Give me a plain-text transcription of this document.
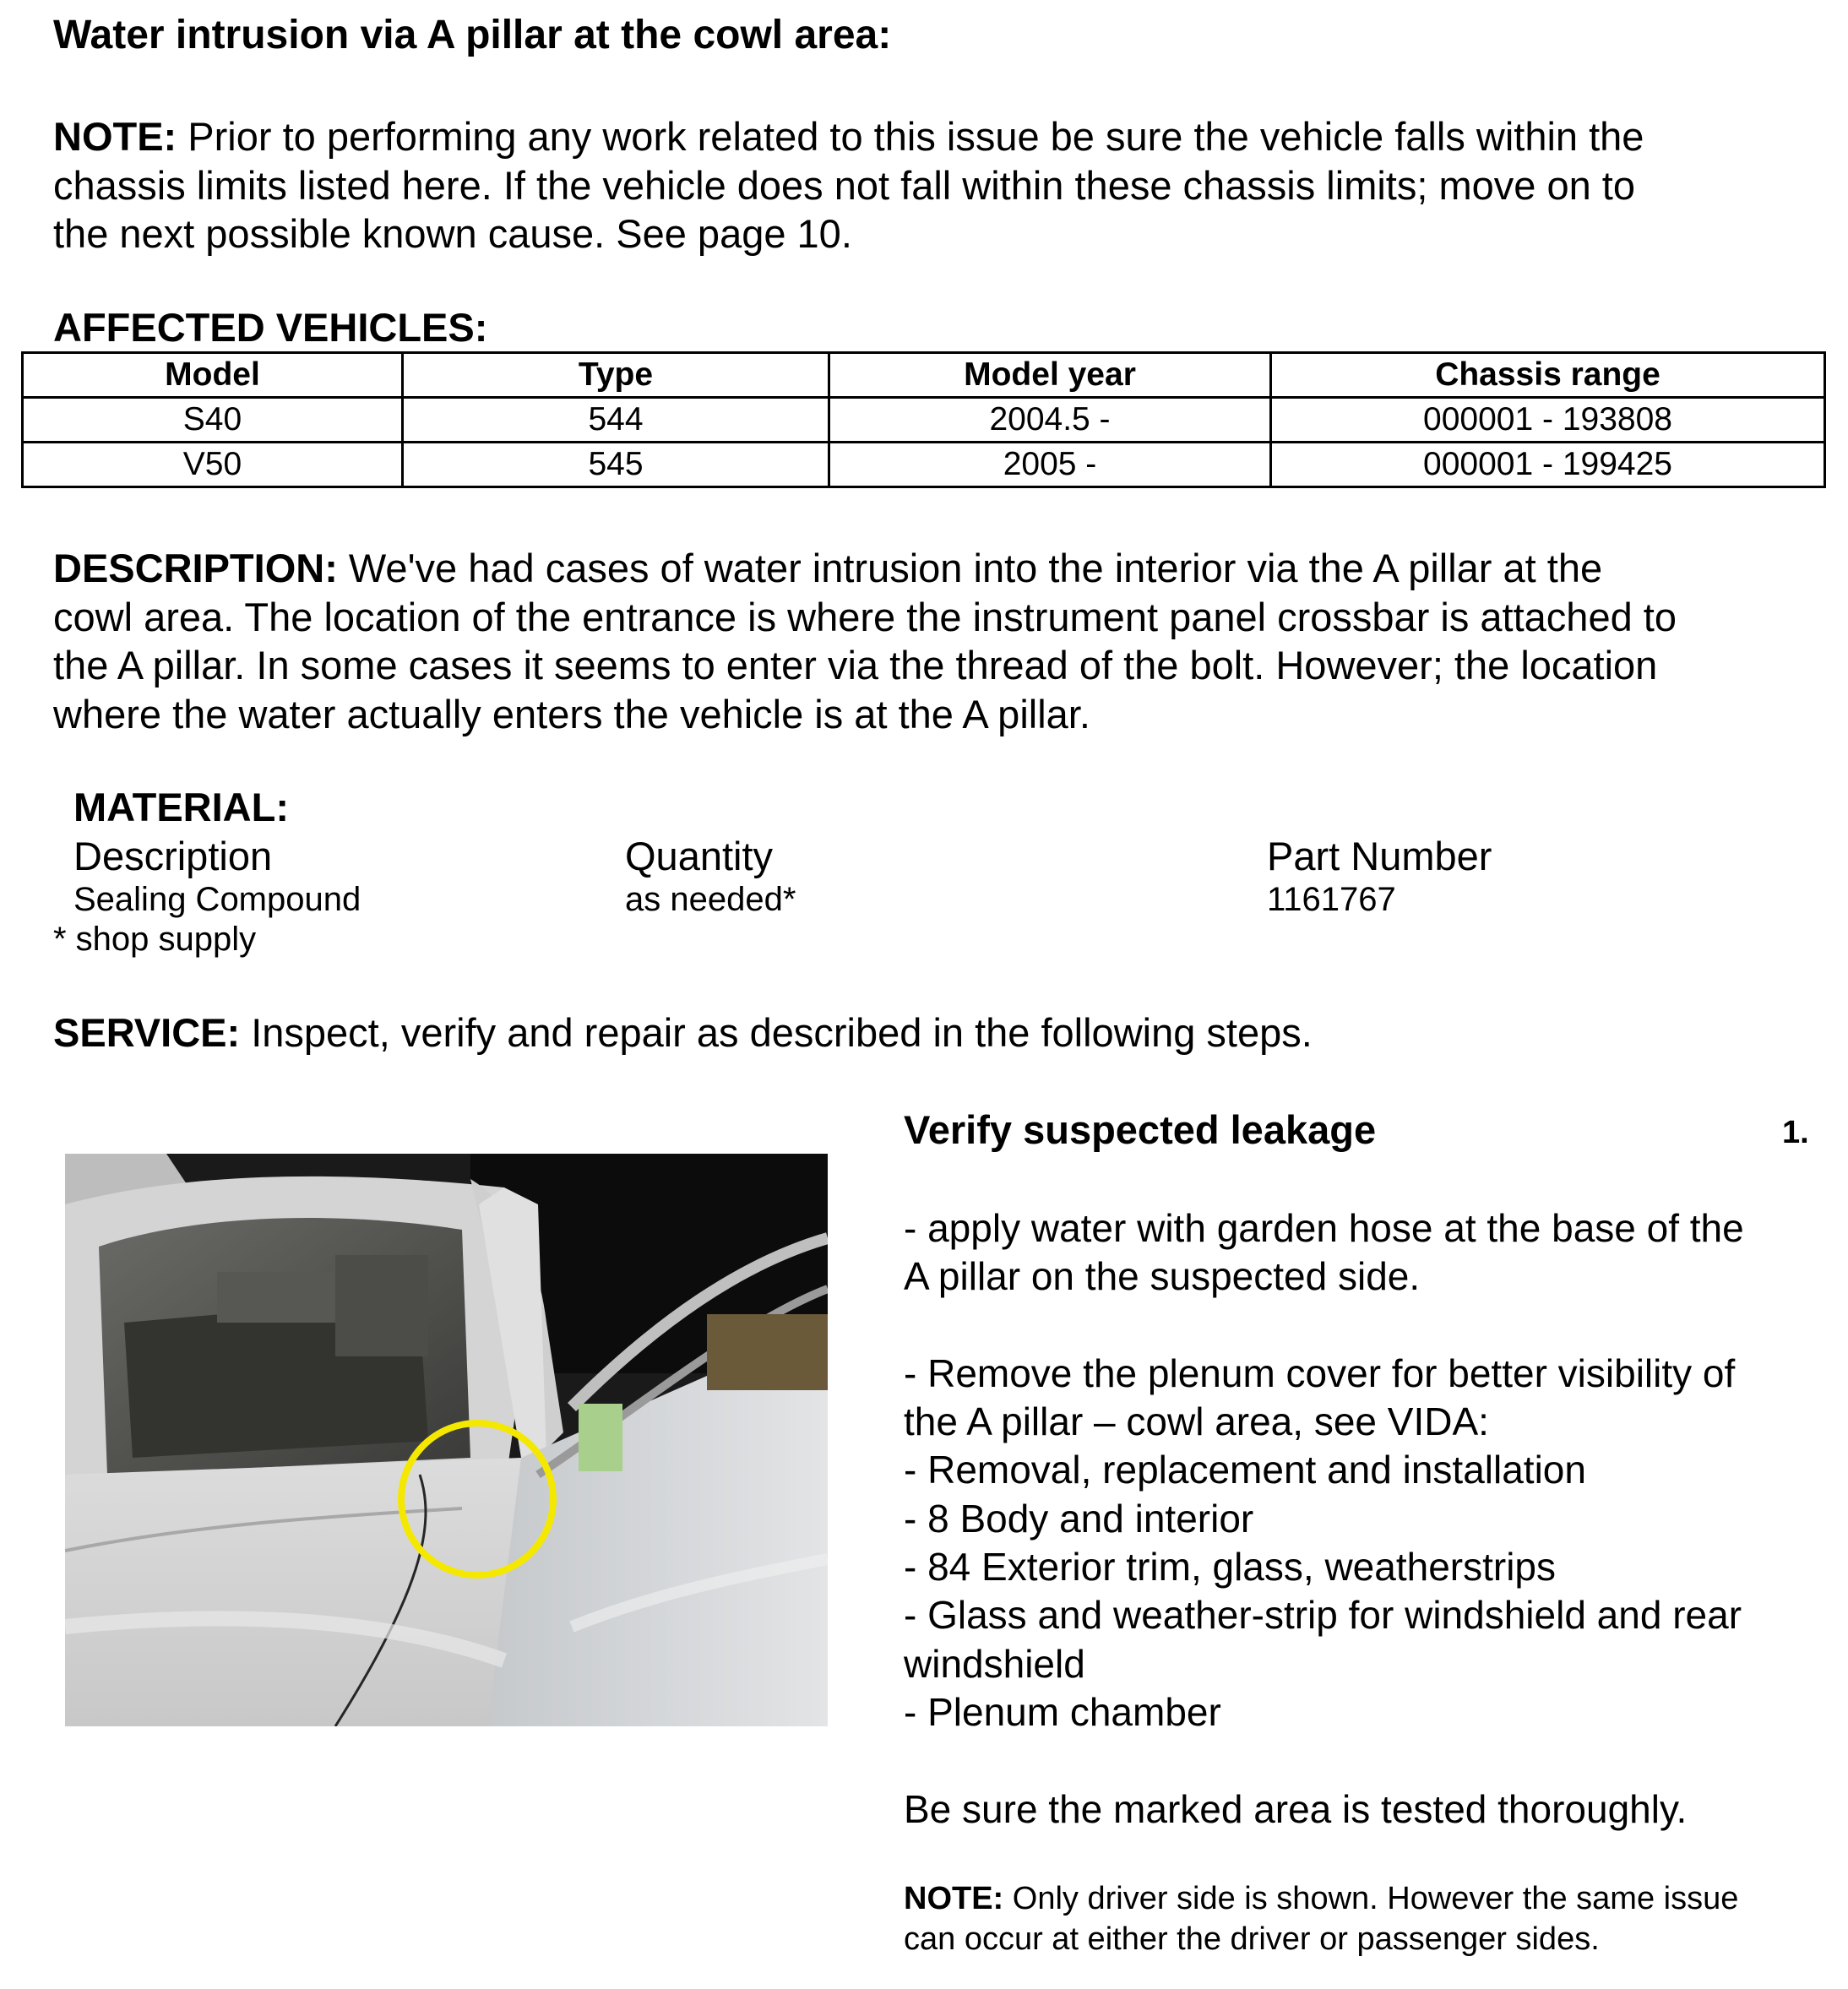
Water intrusion via A pillar at the cowl area:
NOTE: Prior to performing any work related to this issue be sure the vehicle falls within the
chassis limits listed here. If the vehicle does not fall within these chassis limits; move on to
the next possible known cause. See page 10.
AFFECTED VEHICLES:
Model	Type	Model year	Chassis range
S40	544	2004.5 -	000001 - 193808
V50	545	2005 -	000001 - 199425
DESCRIPTION: We've had cases of water intrusion into the interior via the A pillar at the
cowl area. The location of the entrance is where the instrument panel crossbar is attached to
the A pillar. In some cases it seems to enter via the thread of the bolt. However; the location
where the water actually enters the vehicle is at the A pillar.
MATERIAL:
Description	Quantity	Part Number
Sealing Compound	as needed*	1161767
* shop supply
SERVICE: Inspect, verify and repair as described in the following steps.
Verify suspected leakage	1.
- apply water with garden hose at the base of the
A pillar on the suspected side.
- Remove the plenum cover for better visibility of
the A pillar – cowl area, see VIDA:
- Removal, replacement and installation
- 8 Body and interior
- 84 Exterior trim, glass, weatherstrips
- Glass and weather-strip for windshield and rear
windshield
- Plenum chamber
Be sure the marked area is tested thoroughly.
NOTE: Only driver side is shown. However the same issue
can occur at either the driver or passenger sides.
